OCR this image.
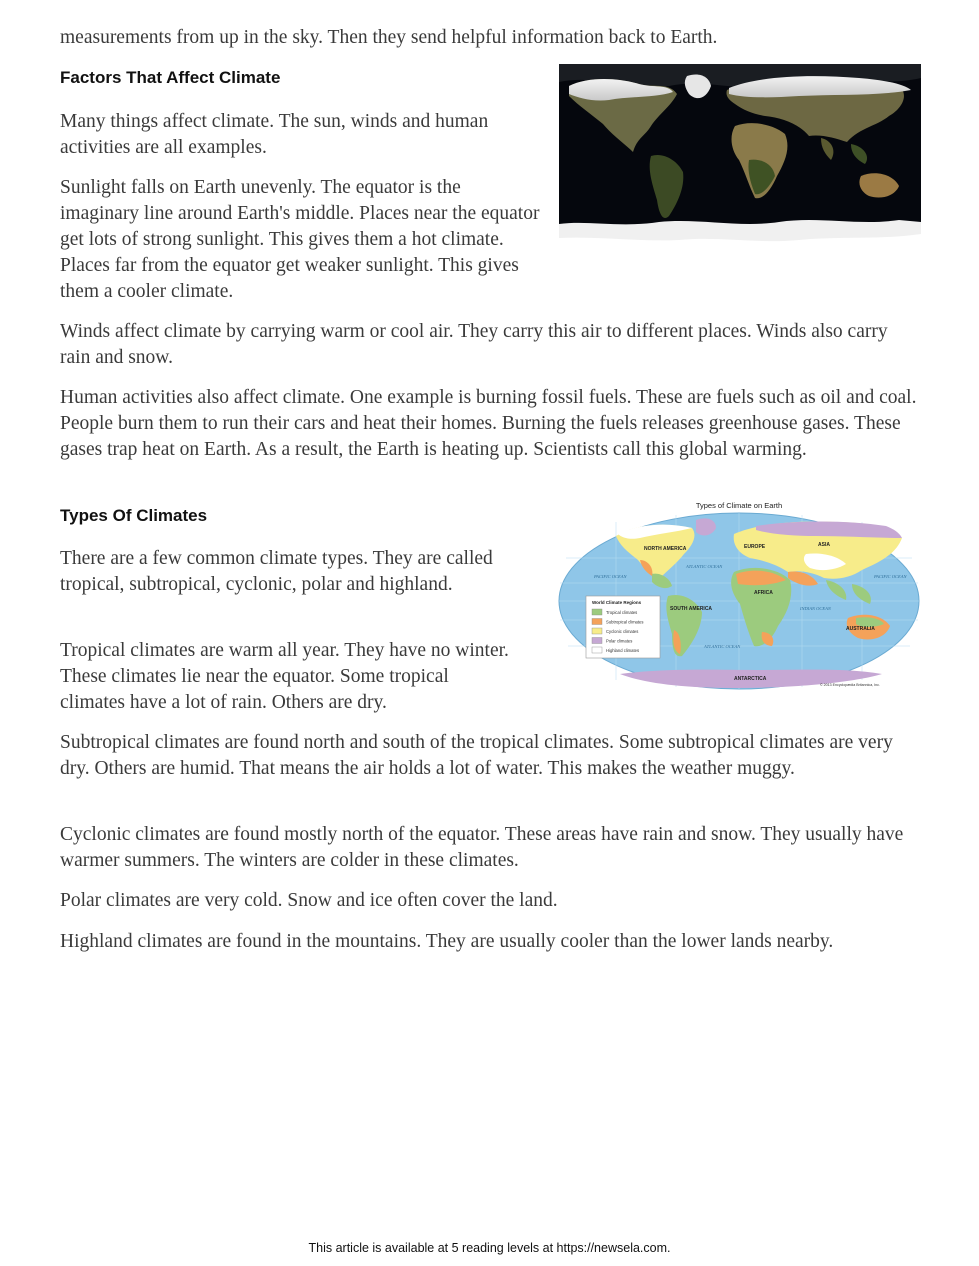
measurements from up in the sky. Then they send helpful information back to Earth.

Factors That Affect Climate

Many things affect climate. The sun, winds and human activities are all examples.

Sunlight falls on Earth unevenly. The equator is the imaginary line around Earth's middle. Places near the equator get lots of strong sunlight. This gives them a hot climate. Places far from the equator get weaker sunlight. This gives them a cooler climate.

Winds affect climate by carrying warm or cool air. They carry this air to different places. Winds also carry rain and snow.

Human activities also affect climate. One example is burning fossil fuels. These are fuels such as oil and coal. People burn them to run their cars and heat their homes. Burning the fuels releases greenhouse gases. These gases trap heat on Earth. As a result, the Earth is heating up. Scientists call this global warming.

Types Of Climates

There are a few common climate types. They are called tropical, subtropical, cyclonic, polar and highland.

Tropical climates are warm all year. They have no winter. These climates lie near the equator. Some tropical climates have a lot of rain. Others are dry.

Subtropical climates are found north and south of the tropical climates. Some subtropical climates are very dry. Others are humid. That means the air holds a lot of water. This makes the weather muggy.

Cyclonic climates are found mostly north of the equator. These areas have rain and snow. They usually have warmer summers. The winters are colder in these climates.

Polar climates are very cold. Snow and ice often cover the land.

Highland climates are found in the mountains. They are usually cooler than the lower lands nearby.

Types of Climate on Earth
NORTH AMERICA	EUROPE	ASIA
AFRICA
SOUTH AMERICA
AUSTRALIA
ANTARCTICA
ATLANTIC OCEAN
PACIFIC OCEAN	PACIFIC OCEAN
INDIAN OCEAN
ATLANTIC OCEAN
World Climate Regions
Tropical climates
Subtropical climates
Cyclonic climates
Polar climates
Highland climates
© 2013 Encyclopædia Britannica, Inc.
This article is available at 5 reading levels at https://newsela.com.
